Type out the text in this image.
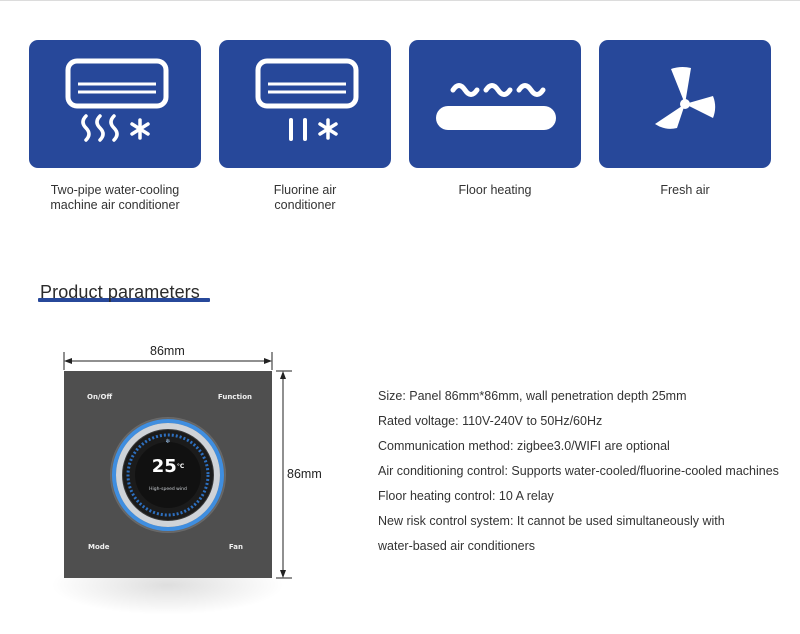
Two-pipe water-cooling
machine air conditioner
Fluorine air
conditioner
Floor heating	Fresh air
Product parameters
86mm
86mm
On/Off	Function
Mode	Fan
❄
$25^{^\circ C}$
High-speed wind
Size: Panel 86mm*86mm, wall penetration depth 25mm
Rated voltage: 110V-240V to 50Hz/60Hz
Communication method: zigbee3.0/WIFI are optional
Air conditioning control: Supports water-cooled/fluorine-cooled machines
Floor heating control: 10 A relay
New risk control system: It cannot be used simultaneously with
water-based air conditioners
